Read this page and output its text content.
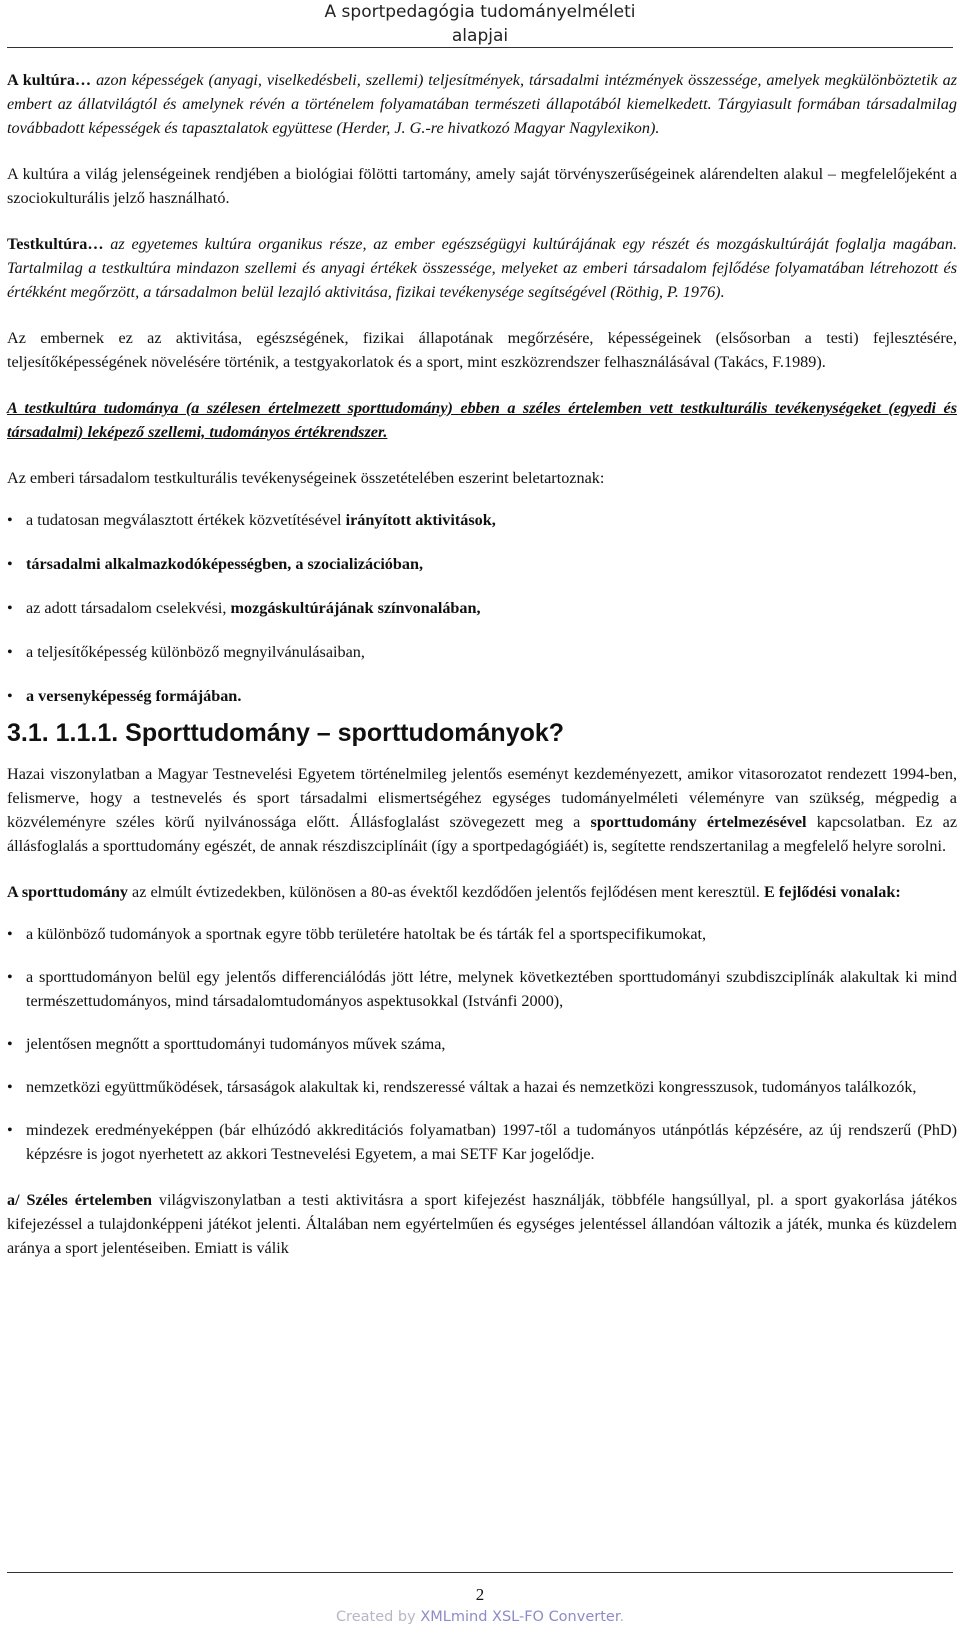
A sportpedagógia tudományelméleti
alapjai

A kultúra… azon képességek (anyagi, viselkedésbeli, szellemi) teljesítmények, társadalmi intézmények összessége, amelyek megkülönböztetik az embert az állatvilágtól és amelynek révén a történelem folyamatában természeti állapotából kiemelkedett. Tárgyiasult formában társadalmilag továbbadott képességek és tapasztalatok együttese (Herder, J. G.-re hivatkozó Magyar Nagylexikon).

A kultúra a világ jelenségeinek rendjében a biológiai fölötti tartomány, amely saját törvényszerűségeinek alárendelten alakul – megfelelőjeként a szociokulturális jelző használható.

Testkultúra… az egyetemes kultúra organikus része, az ember egészségügyi kultúrájának egy részét és mozgáskultúráját foglalja magában. Tartalmilag a testkultúra mindazon szellemi és anyagi értékek összessége, melyeket az emberi társadalom fejlődése folyamatában létrehozott és értékként megőrzött, a társadalmon belül lezajló aktivitása, fizikai tevékenysége segítségével (Röthig, P. 1976).

Az embernek ez az aktivitása, egészségének, fizikai állapotának megőrzésére, képességeinek (elsősorban a testi) fejlesztésére, teljesítőképességének növelésére történik, a testgyakorlatok és a sport, mint eszközrendszer felhasználásával (Takács, F.1989).

A testkultúra tudománya (a szélesen értelmezett sporttudomány) ebben a széles értelemben vett testkulturális tevékenységeket (egyedi és társadalmi) leképező szellemi, tudományos értékrendszer.

Az emberi társadalom testkulturális tevékenységeinek összetételében eszerint beletartoznak:

• a tudatosan megválasztott értékek közvetítésével irányított aktivitások,
• társadalmi alkalmazkodóképességben, a szocializációban,
• az adott társadalom cselekvési, mozgáskultúrájának színvonalában,
• a teljesítőképesség különböző megnyilvánulásaiban,
• a versenyképesség formájában.
3.1. 1.1.1. Sporttudomány – sporttudományok?

Hazai viszonylatban a Magyar Testnevelési Egyetem történelmileg jelentős eseményt kezdeményezett, amikor vitasorozatot rendezett 1994-ben, felismerve, hogy a testnevelés és sport társadalmi elismertségéhez egységes tudományelméleti véleményre van szükség, mégpedig a közvéleményre széles körű nyilvánossága előtt. Állásfoglalást szövegezett meg a sporttudomány értelmezésével kapcsolatban. Ez az állásfoglalás a sporttudomány egészét, de annak részdiszciplínáit (így a sportpedagógiáét) is, segítette rendszertanilag a megfelelő helyre sorolni.

A sporttudomány az elmúlt évtizedekben, különösen a 80-as évektől kezdődően jelentős fejlődésen ment keresztül. E fejlődési vonalak:

• a különböző tudományok a sportnak egyre több területére hatoltak be és tárták fel a sportspecifikumokat,
• a sporttudományon belül egy jelentős differenciálódás jött létre, melynek következtében sporttudományi szubdiszciplínák alakultak ki mind természettudományos, mind társadalomtudományos aspektusokkal (Istvánfi 2000),
• jelentősen megnőtt a sporttudományi tudományos művek száma,
• nemzetközi együttműködések, társaságok alakultak ki, rendszeressé váltak a hazai és nemzetközi kongresszusok, tudományos találkozók,
• mindezek eredményeképpen (bár elhúzódó akkreditációs folyamatban) 1997-től a tudományos utánpótlás képzésére, az új rendszerű (PhD) képzésre is jogot nyerhetett az akkori Testnevelési Egyetem, a mai SETF Kar jogelődje.

a/ Széles értelemben világviszonylatban a testi aktivitásra a sport kifejezést használják, többféle hangsúllyal, pl. a sport gyakorlása játékos kifejezéssel a tulajdonképpeni játékot jelenti. Általában nem egyértelműen és egységes jelentéssel állandóan változik a játék, munka és küzdelem aránya a sport jelentéseiben. Emiatt is válik

2
Created by XMLmind XSL-FO Converter.
